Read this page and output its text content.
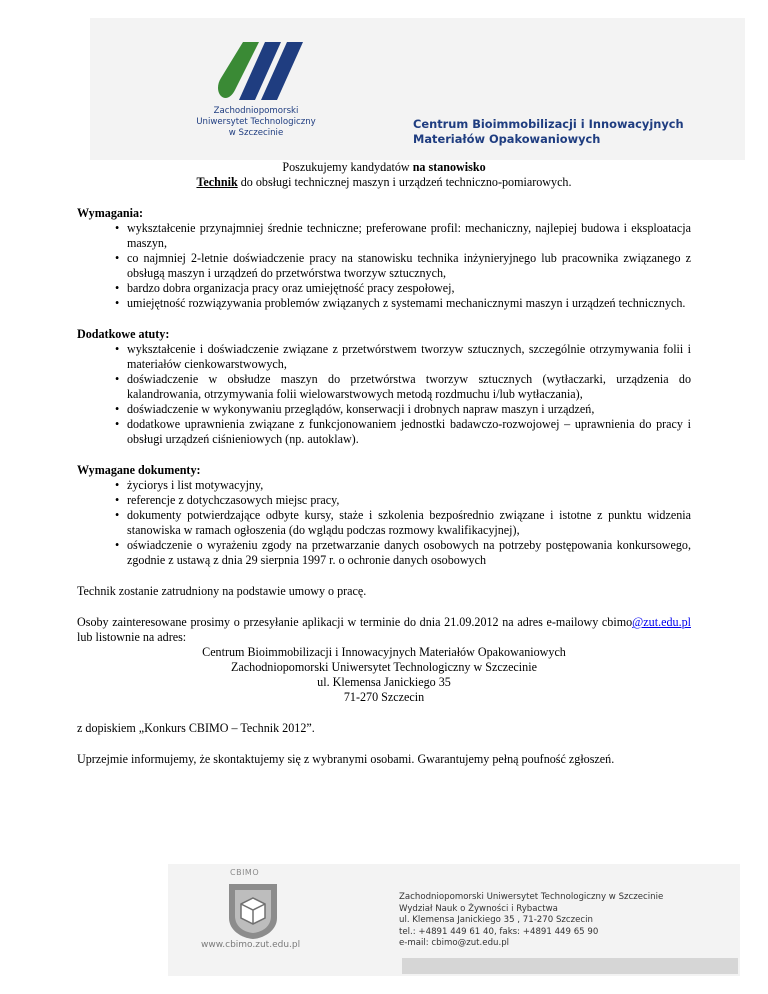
Zachodniopomorski
Uniwersytet Technologiczny
w Szczecinie
Centrum Bioimmobilizacji i Innowacyjnych
Materiałów Opakowaniowych
Poszukujemy kandydatów na stanowisko
Technik do obsługi technicznej maszyn i urządzeń techniczno-pomiarowych.

Wymagania:

• wykształcenie przynajmniej średnie techniczne; preferowane profil: mechaniczny, najlepiej budowa i eksploatacja maszyn,
• co najmniej 2-letnie doświadczenie pracy na stanowisku technika inżynieryjnego lub pracownika związanego z obsługą maszyn i urządzeń do przetwórstwa tworzyw sztucznych,
• bardzo dobra organizacja pracy oraz umiejętność pracy zespołowej,
• umiejętność rozwiązywania problemów związanych z systemami mechanicznymi maszyn i urządzeń technicznych.

Dodatkowe atuty:

• wykształcenie i doświadczenie związane z przetwórstwem tworzyw sztucznych, szczególnie otrzymywania folii i materiałów cienkowarstwowych,
• doświadczenie w obsłudze maszyn do przetwórstwa tworzyw sztucznych (wytłaczarki, urządzenia do kalandrowania, otrzymywania folii wielowarstwowych metodą rozdmuchu i/lub wytłaczania),
• doświadczenie w wykonywaniu przeglądów, konserwacji i drobnych napraw maszyn i urządzeń,
• dodatkowe uprawnienia związane z funkcjonowaniem jednostki badawczo-rozwojowej – uprawnienia do pracy i obsługi urządzeń ciśnieniowych (np. autoklaw).

Wymagane dokumenty:

• życiorys i list motywacyjny,
• referencje z dotychczasowych miejsc pracy,
• dokumenty potwierdzające odbyte kursy, staże i szkolenia bezpośrednio związane i istotne z punktu widzenia stanowiska w ramach ogłoszenia (do wglądu podczas rozmowy kwalifikacyjnej),
• oświadczenie o wyrażeniu zgody na przetwarzanie danych osobowych na potrzeby postępowania konkursowego, zgodnie z ustawą z dnia 29 sierpnia 1997 r. o ochronie danych osobowych
Technik zostanie zatrudniony na podstawie umowy o pracę.
Osoby zainteresowane prosimy o przesyłanie aplikacji w terminie do dnia 21.09.2012 na adres e-mailowy cbimo@zut.edu.pl lub listownie na adres:
Centrum Bioimmobilizacji i Innowacyjnych Materiałów Opakowaniowych
Zachodniopomorski Uniwersytet Technologiczny w Szczecinie
ul. Klemensa Janickiego 35
71-270 Szczecin
z dopiskiem „Konkurs CBIMO – Technik 2012”.
Uprzejmie informujemy, że skontaktujemy się z wybranymi osobami. Gwarantujemy pełną poufność zgłoszeń.
CBIMO
www.cbimo.zut.edu.pl
Zachodniopomorski Uniwersytet Technologiczny w Szczecinie
Wydział Nauk o Żywności i Rybactwa
ul. Klemensa Janickiego 35 , 71-270 Szczecin
tel.: +4891 449 61 40, faks: +4891 449 65 90
e-mail: cbimo@zut.edu.pl
